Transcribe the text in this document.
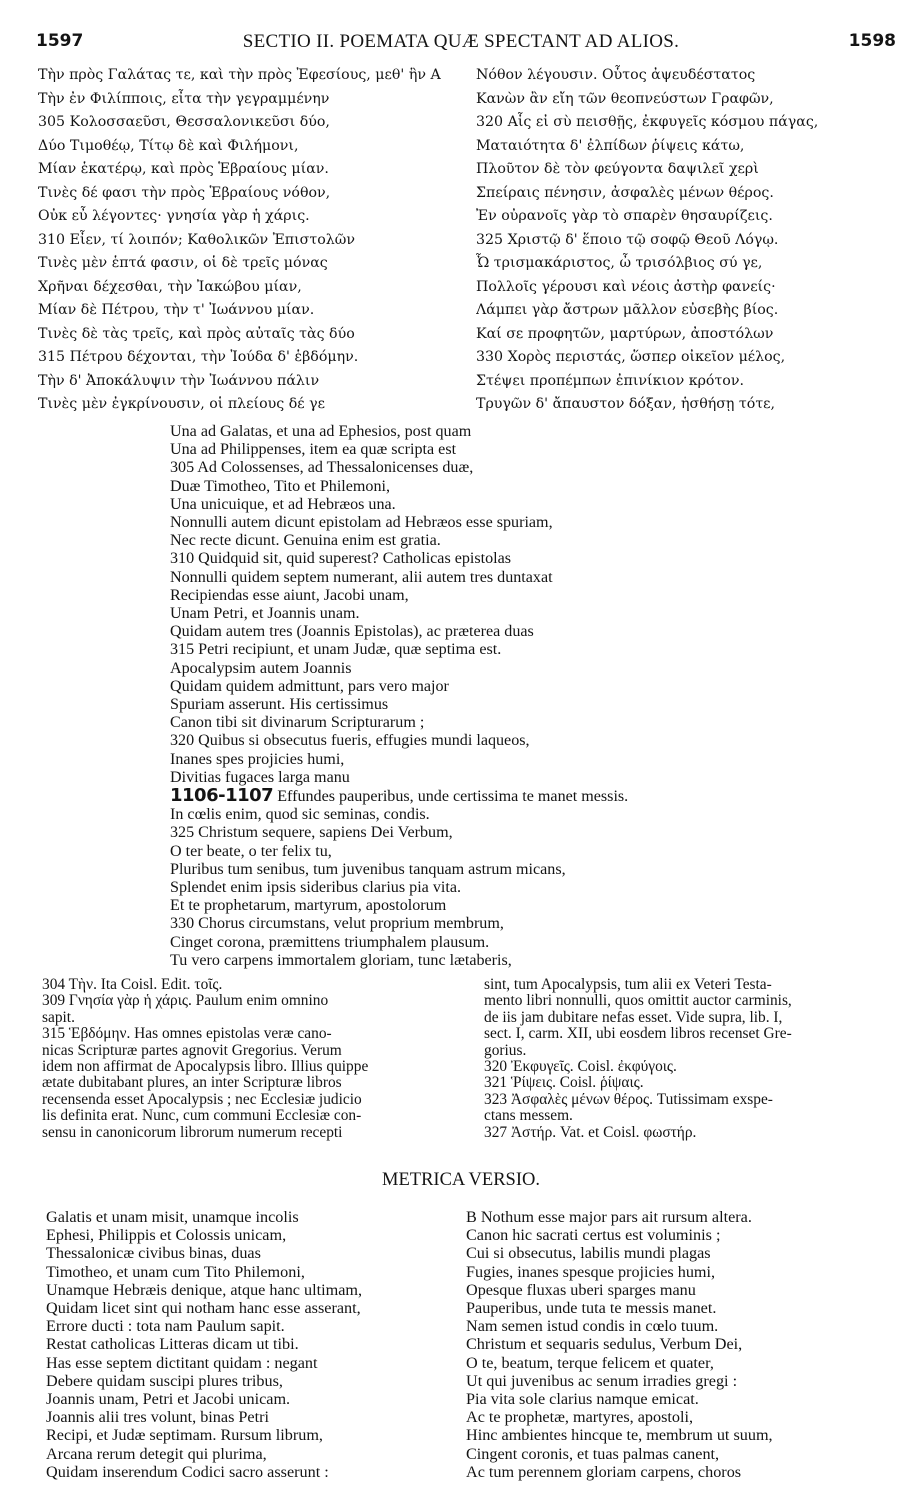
1597	SECTIO II. POEMATA QUÆ SPECTANT AD ALIOS.	1598
Τὴν πρὸς Γαλάτας τε, καὶ τὴν πρὸς Ἐφεσίους, μεθ' ἣν A
Τὴν ἐν Φιλίπποις, εἶτα τὴν γεγραμμένην
305 Κολοσσαεῦσι, Θεσσαλονικεῦσι δύο,
Δύο Τιμοθέῳ, Τίτῳ δὲ καὶ Φιλήμονι,
Μίαν ἑκατέρῳ, καὶ πρὸς Ἑβραίους μίαν.
Τινὲς δέ φασι τὴν πρὸς Ἑβραίους νόθον,
Οὐκ εὖ λέγοντες· γνησία γὰρ ἡ χάρις.
310 Εἶεν, τί λοιπόν; Καθολικῶν Ἐπιστολῶν
Τινὲς μὲν ἑπτά φασιν, οἱ δὲ τρεῖς μόνας
Χρῆναι δέχεσθαι, τὴν Ἰακώβου μίαν,
Μίαν δὲ Πέτρου, τὴν τ' Ἰωάννου μίαν.
Τινὲς δὲ τὰς τρεῖς, καὶ πρὸς αὐταῖς τὰς δύο
315 Πέτρου δέχονται, τὴν Ἰούδα δ' ἑβδόμην.
Τὴν δ' Ἀποκάλυψιν τὴν Ἰωάννου πάλιν
Τινὲς μὲν ἐγκρίνουσιν, οἱ πλείους δέ γε
Νόθον λέγουσιν. Οὗτος ἀψευδέστατος
Κανὼν ἂν εἴη τῶν θεοπνεύστων Γραφῶν,
320 Αἷς εἰ σὺ πεισθῇς, ἐκφυγεῖς κόσμου πάγας,
Ματαιότητα δ' ἐλπίδων ῥίψεις κάτω,
Πλοῦτον δὲ τὸν φεύγοντα δαψιλεῖ χερὶ
Σπείραις πένησιν, ἀσφαλὲς μένων θέρος.
Ἐν οὐρανοῖς γὰρ τὸ σπαρὲν θησαυρίζεις.
325 Χριστῷ δ' ἕποιο τῷ σοφῷ Θεοῦ Λόγῳ.
Ὦ τρισμακάριστος, ὦ τρισόλβιος σύ γε,
Πολλοῖς γέρουσι καὶ νέοις ἀστὴρ φανείς·
Λάμπει γὰρ ἄστρων μᾶλλον εὐσεβὴς βίος.
Καί σε προφητῶν, μαρτύρων, ἀποστόλων
330 Χορὸς περιστάς, ὥσπερ οἰκεῖον μέλος,
Στέψει προπέμπων ἐπινίκιον κρότον.
Τρυγῶν δ' ἄπαυστον δόξαν, ἡσθήσῃ τότε,
Una ad Galatas, et una ad Ephesios, post quam
Una ad Philippenses, item ea quæ scripta est
305 Ad Colossenses, ad Thessalonicenses duæ,
Duæ Timotheo, Tito et Philemoni,
Una unicuique, et ad Hebræos una.
Nonnulli autem dicunt epistolam ad Hebræos esse spuriam,
Nec recte dicunt. Genuina enim est gratia.
310 Quidquid sit, quid superest? Catholicas epistolas
Nonnulli quidem septem numerant, alii autem tres duntaxat
Recipiendas esse aiunt, Jacobi unam,
Unam Petri, et Joannis unam.
Quidam autem tres (Joannis Epistolas), ac præterea duas
315 Petri recipiunt, et unam Judæ, quæ septima est.
Apocalypsim autem Joannis
Quidam quidem admittunt, pars vero major
Spuriam asserunt. His certissimus
Canon tibi sit divinarum Scripturarum ;
320 Quibus si obsecutus fueris, effugies mundi laqueos,
Inanes spes projicies humi,
Divitias fugaces larga manu
1106-1107 Effundes pauperibus, unde certissima te manet messis.
In cœlis enim, quod sic seminas, condis.
325 Christum sequere, sapiens Dei Verbum,
O ter beate, o ter felix tu,
Pluribus tum senibus, tum juvenibus tanquam astrum micans,
Splendet enim ipsis sideribus clarius pia vita.
Et te prophetarum, martyrum, apostolorum
330 Chorus circumstans, velut proprium membrum,
Cinget corona, præmittens triumphalem plausum.
Tu vero carpens immortalem gloriam, tunc lætaberis,
304 Τὴν. Ita Coisl. Edit. τοῖς.
309 Γνησία γὰρ ἡ χάρις. Paulum enim omnino
sapit.
315 Ἑβδόμην. Has omnes epistolas veræ cano-
nicas Scripturæ partes agnovit Gregorius. Verum
idem non affirmat de Apocalypsis libro. Illius quippe
ætate dubitabant plures, an inter Scripturæ libros
recensenda esset Apocalypsis ; nec Ecclesiæ judicio
lis definita erat. Nunc, cum communi Ecclesiæ con-
sensu in canonicorum librorum numerum recepti
sint, tum Apocalypsis, tum alii ex Veteri Testa-
mento libri nonnulli, quos omittit auctor carminis,
de iis jam dubitare nefas esset. Vide supra, lib. I,
sect. I, carm. XII, ubi eosdem libros recenset Gre-
gorius.
320 Ἐκφυγεῖς. Coisl. ἐκφύγοις.
321 Ῥίψεις. Coisl. ῥίψαις.
323 Ἀσφαλὲς μένων θέρος. Tutissimam exspe-
ctans messem.
327 Ἀστήρ. Vat. et Coisl. φωστήρ.
METRICA VERSIO.
Galatis et unam misit, unamque incolis
Ephesi, Philippis et Colossis unicam,
Thessalonicæ civibus binas, duas
Timotheo, et unam cum Tito Philemoni,
Unamque Hebræis denique, atque hanc ultimam,
Quidam licet sint qui notham hanc esse asserant,
Errore ducti : tota nam Paulum sapit.
Restat catholicas Litteras dicam ut tibi.
Has esse septem dictitant quidam : negant
Debere quidam suscipi plures tribus,
Joannis unam, Petri et Jacobi unicam.
Joannis alii tres volunt, binas Petri
Recipi, et Judæ septimam. Rursum librum,
Arcana rerum detegit qui plurima,
Quidam inserendum Codici sacro asserunt :
B Nothum esse major pars ait rursum altera.
Canon hic sacrati certus est voluminis ;
Cui si obsecutus, labilis mundi plagas
Fugies, inanes spesque projicies humi,
Opesque fluxas uberi sparges manu
Pauperibus, unde tuta te messis manet.
Nam semen istud condis in cœlo tuum.
Christum et sequaris sedulus, Verbum Dei,
O te, beatum, terque felicem et quater,
Ut qui juvenibus ac senum irradies gregi :
Pia vita sole clarius namque emicat.
Ac te prophetæ, martyres, apostoli,
Hinc ambientes hincque te, membrum ut suum,
Cingent coronis, et tuas palmas canent,
Ac tum perennem gloriam carpens, choros
